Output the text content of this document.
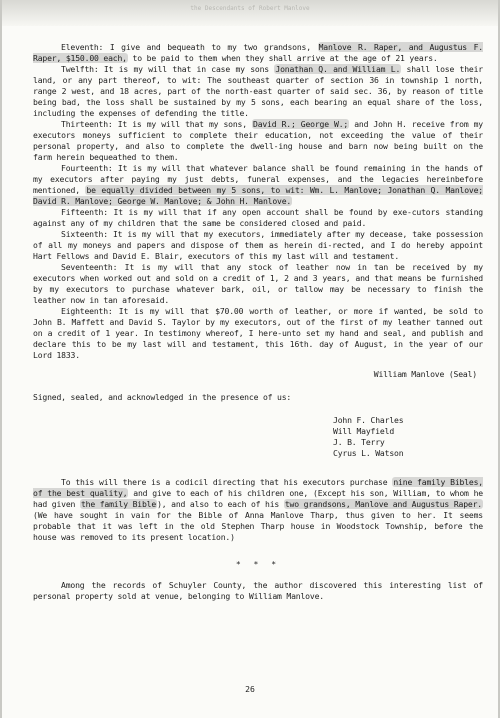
the Descendants of Robert Manlove

Eleventh: I give and bequeath to my two grandsons, Manlove R. Raper, and Augustus F. Raper, $150.00 each, to be paid to them when they shall arrive at the age of 21 years.

Twelfth: It is my will that in case my sons Jonathan Q. and William L. shall lose their land, or any part thereof, to wit: The southeast quarter of section 36 in township 1 north, range 2 west, and 18 acres, part of the north-east quarter of said sec. 36, by reason of title being bad, the loss shall be sustained by my 5 sons, each bearing an equal share of the loss, including the expenses of defending the title.

Thirteenth: It is my will that my sons, David R.; George W.; and John H. receive from my executors moneys sufficient to complete their education, not exceeding the value of their personal property, and also to complete the dwell-ing house and barn now being built on the farm herein bequeathed to them.

Fourteenth: It is my will that whatever balance shall be found remaining in the hands of my executors after paying my just debts, funeral expenses, and the legacies hereinbefore mentioned, be equally divided between my 5 sons, to wit: Wm. L. Manlove; Jonathan Q. Manlove; David R. Manlove; George W. Manlove; & John H. Manlove.

Fifteenth: It is my will that if any open account shall be found by exe-cutors standing against any of my children that the same be considered closed and paid.

Sixteenth: It is my will that my executors, immediately after my decease, take possession of all my moneys and papers and dispose of them as herein di-rected, and I do hereby appoint Hart Fellows and David E. Blair, executors of this my last will and testament.

Seventeenth: It is my will that any stock of leather now in tan be received by my executors when worked out and sold on a credit of 1, 2 and 3 years, and that means be furnished by my executors to purchase whatever bark, oil, or tallow may be necessary to finish the leather now in tan aforesaid.

Eighteenth: It is my will that $70.00 worth of leather, or more if wanted, be sold to John B. Maffett and David S. Taylor by my executors, out of the first of my leather tanned out on a credit of 1 year. In testimony whereof, I here-unto set my hand and seal, and publish and declare this to be my last will and testament, this 16th. day of August, in the year of our Lord 1833.

William Manlove (Seal)

Signed, sealed, and acknowledged in the presence of us:

John F. Charles
Will Mayfield
J. B. Terry
Cyrus L. Watson

To this will there is a codicil directing that his executors purchase nine family Bibles, of the best quality, and give to each of his children one, (Except his son, William, to whom he had given the family Bible), and also to each of his two grandsons, Manlove and Augustus Raper. (We have sought in vain for the Bible of Anna Manlove Tharp, thus given to her. It seems probable that it was left in the old Stephen Tharp house in Woodstock Township, before the house was removed to its present location.)

* * *

Among the records of Schuyler County, the author discovered this interesting list of personal property sold at venue, belonging to William Manlove.

26
